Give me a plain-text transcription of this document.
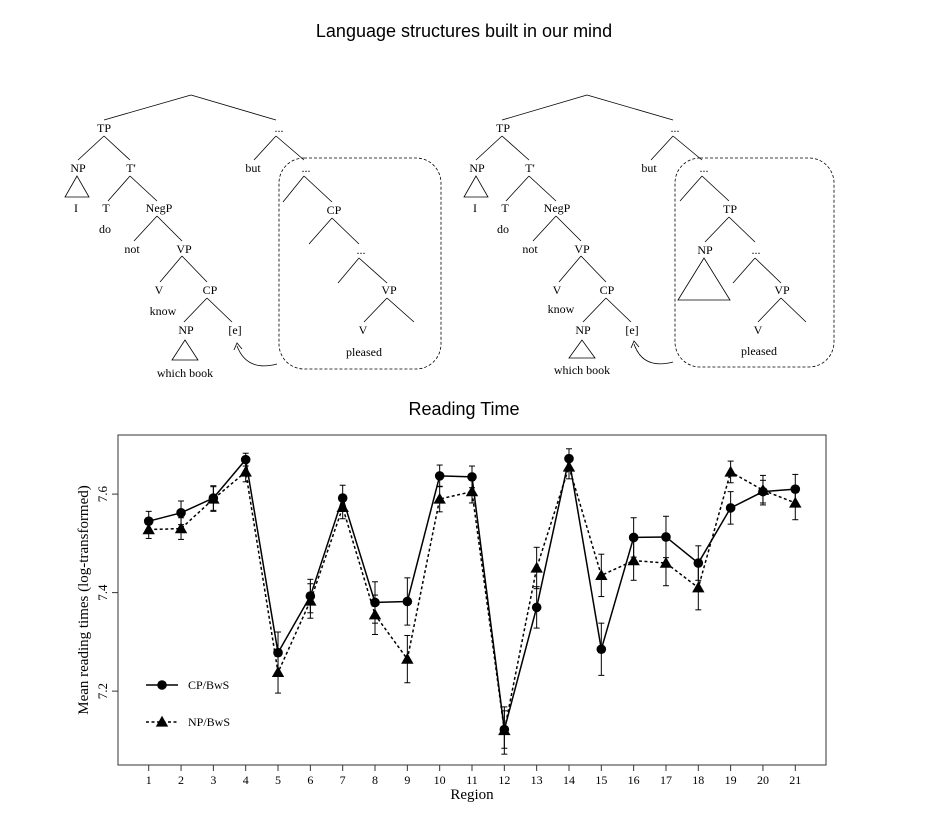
Language structures built in our mind
Reading Time
TP
NP
I
T'
T
do
NegP
not	VP
V
know
CP
NP
which book
[e]
...
but	...
CP
...
VP
V
pleased
TP
NP
I
T'
T
do
NegP
not	VP
V
know
CP
NP
which book
[e]
...
but	...
TP
NP	...
VP
V
pleased
7.2
7.4
7.6
1 2 3 4 5 6 7 8 9 10 11 12 13 14 15 16 17 18 19 20 21
CP/BwS
NP/BwS
Region
Mean reading times (log-transformed)
